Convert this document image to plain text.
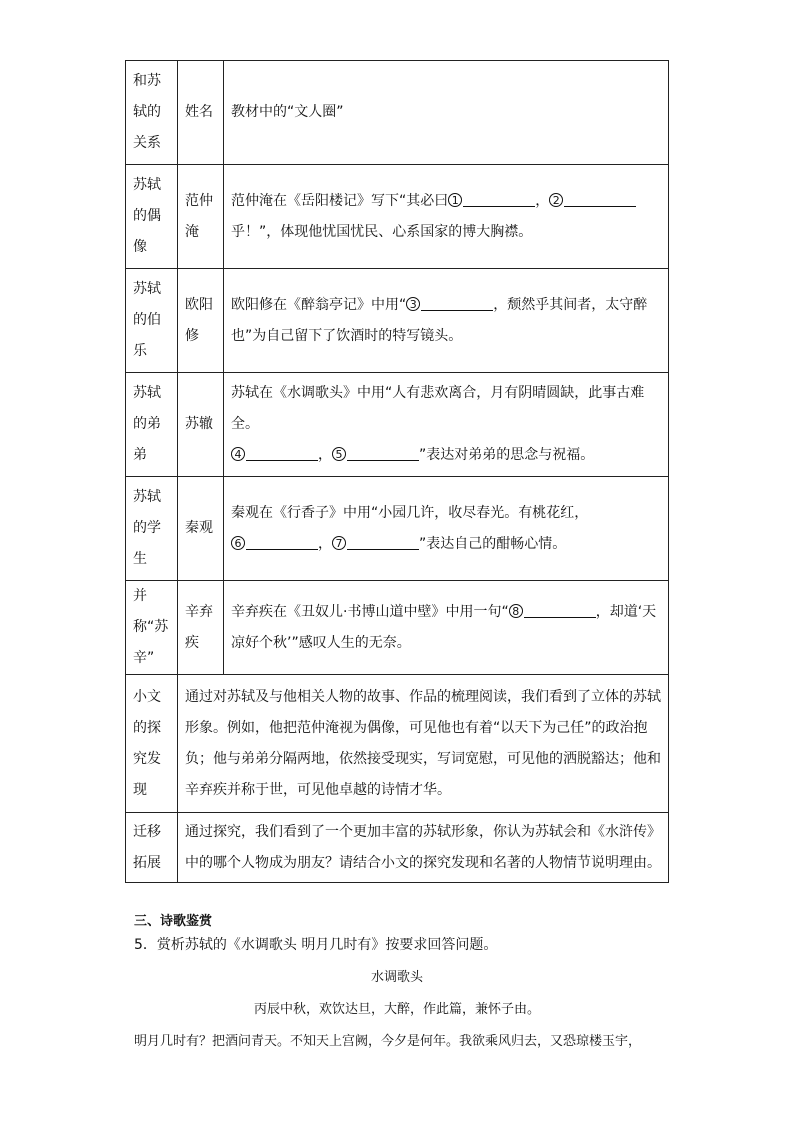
和苏轼的关系	姓名	教材中的“文人圈”
苏轼的偶像	范仲淹	范仲淹在《岳阳楼记》写下“其必曰 1 ， 2
乎！”，体现他忧国忧民、心系国家的博大胸襟。
苏轼的伯乐	欧阳修	欧阳修在《醉翁亭记》中用“ 3 ，颓然乎其间者，太守醉也”为自己留下了饮酒时的特写镜头。
苏轼的弟弟	苏辙	苏轼在《水调歌头》中用“人有悲欢离合，月有阴晴圆缺，此事古难全。
4 ， 5 ”表达对弟弟的思念与祝福。
苏轼的学生	秦观	秦观在《行香子》中用“小园几许，收尽春光。有桃花红，
6 ， 7 ”表达自己的酣畅心情。
并称“苏辛”	辛弃疾	辛弃疾在《丑奴儿·书博山道中壁》中用一句“ 8 ，却道‘天凉好个秋’”感叹人生的无奈。
小文的探究发现	通过对苏轼及与他相关人物的故事、作品的梳理阅读，我们看到了立体的苏轼形象。例如，他把范仲淹视为偶像，可见他也有着“以天下为己任”的政治抱负；他与弟弟分隔两地，依然接受现实，写词宽慰，可见他的洒脱豁达；他和辛弃疾并称于世，可见他卓越的诗情才华。	
迁移拓展	通过探究，我们看到了一个更加丰富的苏轼形象，你认为苏轼会和《水浒传》中的哪个人物成为朋友？请结合小文的探究发现和名著的人物情节说明理由。	
三、诗歌鉴赏
5．赏析苏轼的《水调歌头 明月几时有》按要求回答问题。
水调歌头
丙辰中秋，欢饮达旦，大醉，作此篇，兼怀子由。
明月几时有？把酒问青天。不知天上宫阙，今夕是何年。我欲乘风归去，又恐琼楼玉宇，
